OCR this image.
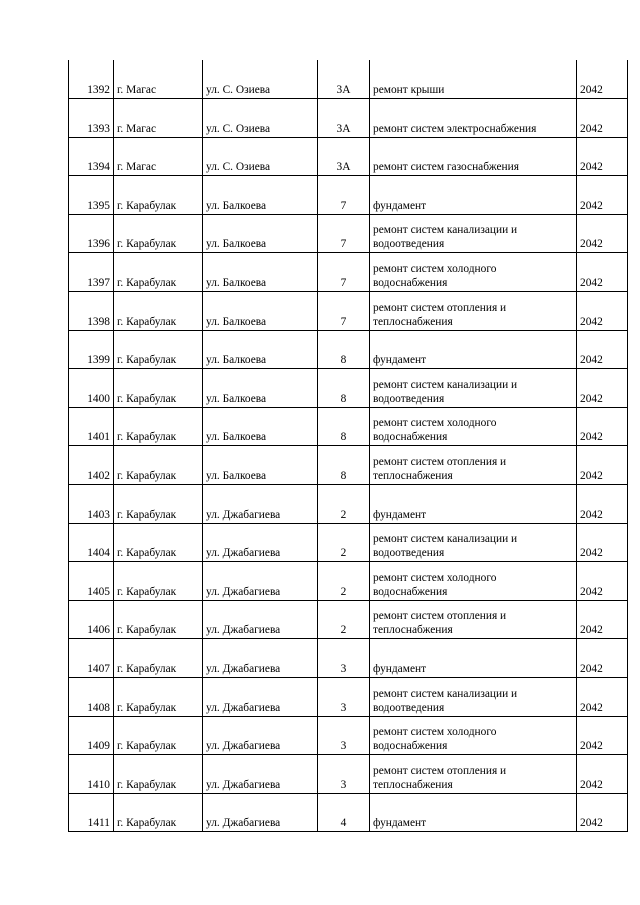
1392	г. Магас	ул. С. Озиева	3А	ремонт крыши	2042
1393	г. Магас	ул. С. Озиева	3А	ремонт систем электроснабжения	2042
1394	г. Магас	ул. С. Озиева	3А	ремонт систем газоснабжения	2042
1395	г. Карабулак	ул. Балкоева	7	фундамент	2042
1396	г. Карабулак	ул. Балкоева	7	ремонт систем канализации и водоотведения	2042
1397	г. Карабулак	ул. Балкоева	7	ремонт систем холодного водоснабжения	2042
1398	г. Карабулак	ул. Балкоева	7	ремонт систем отопления и теплоснабжения	2042
1399	г. Карабулак	ул. Балкоева	8	фундамент	2042
1400	г. Карабулак	ул. Балкоева	8	ремонт систем канализации и водоотведения	2042
1401	г. Карабулак	ул. Балкоева	8	ремонт систем холодного водоснабжения	2042
1402	г. Карабулак	ул. Балкоева	8	ремонт систем отопления и теплоснабжения	2042
1403	г. Карабулак	ул. Джабагиева	2	фундамент	2042
1404	г. Карабулак	ул. Джабагиева	2	ремонт систем канализации и водоотведения	2042
1405	г. Карабулак	ул. Джабагиева	2	ремонт систем холодного водоснабжения	2042
1406	г. Карабулак	ул. Джабагиева	2	ремонт систем отопления и теплоснабжения	2042
1407	г. Карабулак	ул. Джабагиева	3	фундамент	2042
1408	г. Карабулак	ул. Джабагиева	3	ремонт систем канализации и водоотведения	2042
1409	г. Карабулак	ул. Джабагиева	3	ремонт систем холодного водоснабжения	2042
1410	г. Карабулак	ул. Джабагиева	3	ремонт систем отопления и теплоснабжения	2042
1411	г. Карабулак	ул. Джабагиева	4	фундамент	2042
